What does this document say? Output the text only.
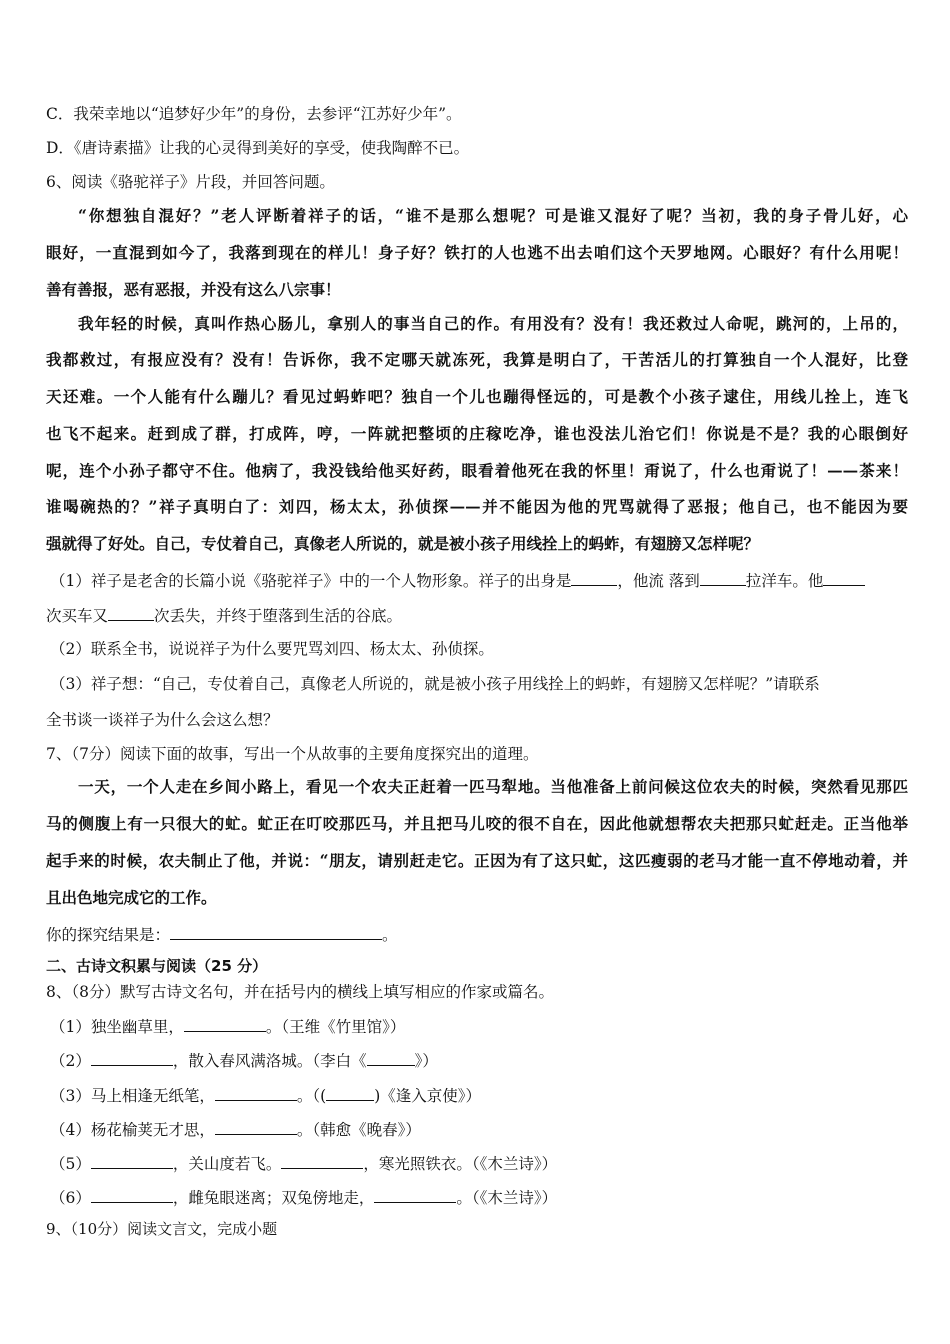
C．我荣幸地以“追梦好少年”的身份，去参评“江苏好少年”。
D．《唐诗素描》让我的心灵得到美好的享受，使我陶醉不已。
6、阅读《骆驼祥子》片段，并回答问题。
“你想独自混好？”老人评断着祥子的话，“谁不是那么想呢？可是谁又混好了呢？当初，我的身子骨儿好，心
眼好，一直混到如今了，我落到现在的样儿！身子好？铁打的人也逃不出去咱们这个天罗地网。心眼好？有什么用呢！
善有善报，恶有恶报，并没有这么八宗事！
我年轻的时候，真叫作热心肠儿，拿别人的事当自己的作。有用没有？没有！我还救过人命呢，跳河的，上吊的，
我都救过，有报应没有？没有！告诉你，我不定哪天就冻死，我算是明白了，干苦活儿的打算独自一个人混好，比登
天还难。一个人能有什么蹦儿？看见过蚂蚱吧？独自一个儿也蹦得怪远的，可是教个小孩子逮住，用线儿拴上，连飞
也飞不起来。赶到成了群，打成阵，哼，一阵就把整顷的庄稼吃净，谁也没法儿治它们！你说是不是？我的心眼倒好
呢，连个小孙子都守不住。他病了，我没钱给他买好药，眼看着他死在我的怀里！甭说了，什么也甭说了！——茶来！
谁喝碗热的？”祥子真明白了：刘四，杨太太，孙侦探——并不能因为他的咒骂就得了恶报；他自己，也不能因为要
强就得了好处。自己，专仗着自己，真像老人所说的，就是被小孩子用线拴上的蚂蚱，有翅膀又怎样呢？
（1）祥子是老舍的长篇小说《骆驼祥子》中的一个人物形象。祥子的出身是	，他流 落到	拉洋车。他
次买车又	次丢失，并终于堕落到生活的谷底。
（2）联系全书，说说祥子为什么要咒骂刘四、杨太太、孙侦探。
（3）祥子想：“自己，专仗着自己，真像老人所说的，就是被小孩子用线拴上的蚂蚱，有翅膀又怎样呢？”请联系
全书谈一谈祥子为什么会这么想？
7、（7分）阅读下面的故事，写出一个从故事的主要角度探究出的道理。
一天，一个人走在乡间小路上，看见一个农夫正赶着一匹马犁地。当他准备上前问候这位农夫的时候，突然看见那匹
马的侧腹上有一只很大的虻。虻正在叮咬那匹马，并且把马儿咬的很不自在，因此他就想帮农夫把那只虻赶走。正当他举
起手来的时候，农夫制止了他，并说：“朋友，请别赶走它。正因为有了这只虻，这匹瘦弱的老马才能一直不停地动着，并
且出色地完成它的工作。
你的探究结果是：	。
二、古诗文积累与阅读（25 分）
8、（8分）默写古诗文名句，并在括号内的横线上填写相应的作家或篇名。
（1）独坐幽草里，	。（王维《竹里馆》）
（2）	，散入春风满洛城。（李白《	》）
（3）马上相逢无纸笔，	。（(	)《逢入京使》）
（4）杨花榆荚无才思，	。（韩愈《晚春》）
（5）	，关山度若飞。	，寒光照铁衣。（《木兰诗》）
（6）	，雌兔眼迷离；双兔傍地走，	。（《木兰诗》）
9、（10分）阅读文言文，完成小题
